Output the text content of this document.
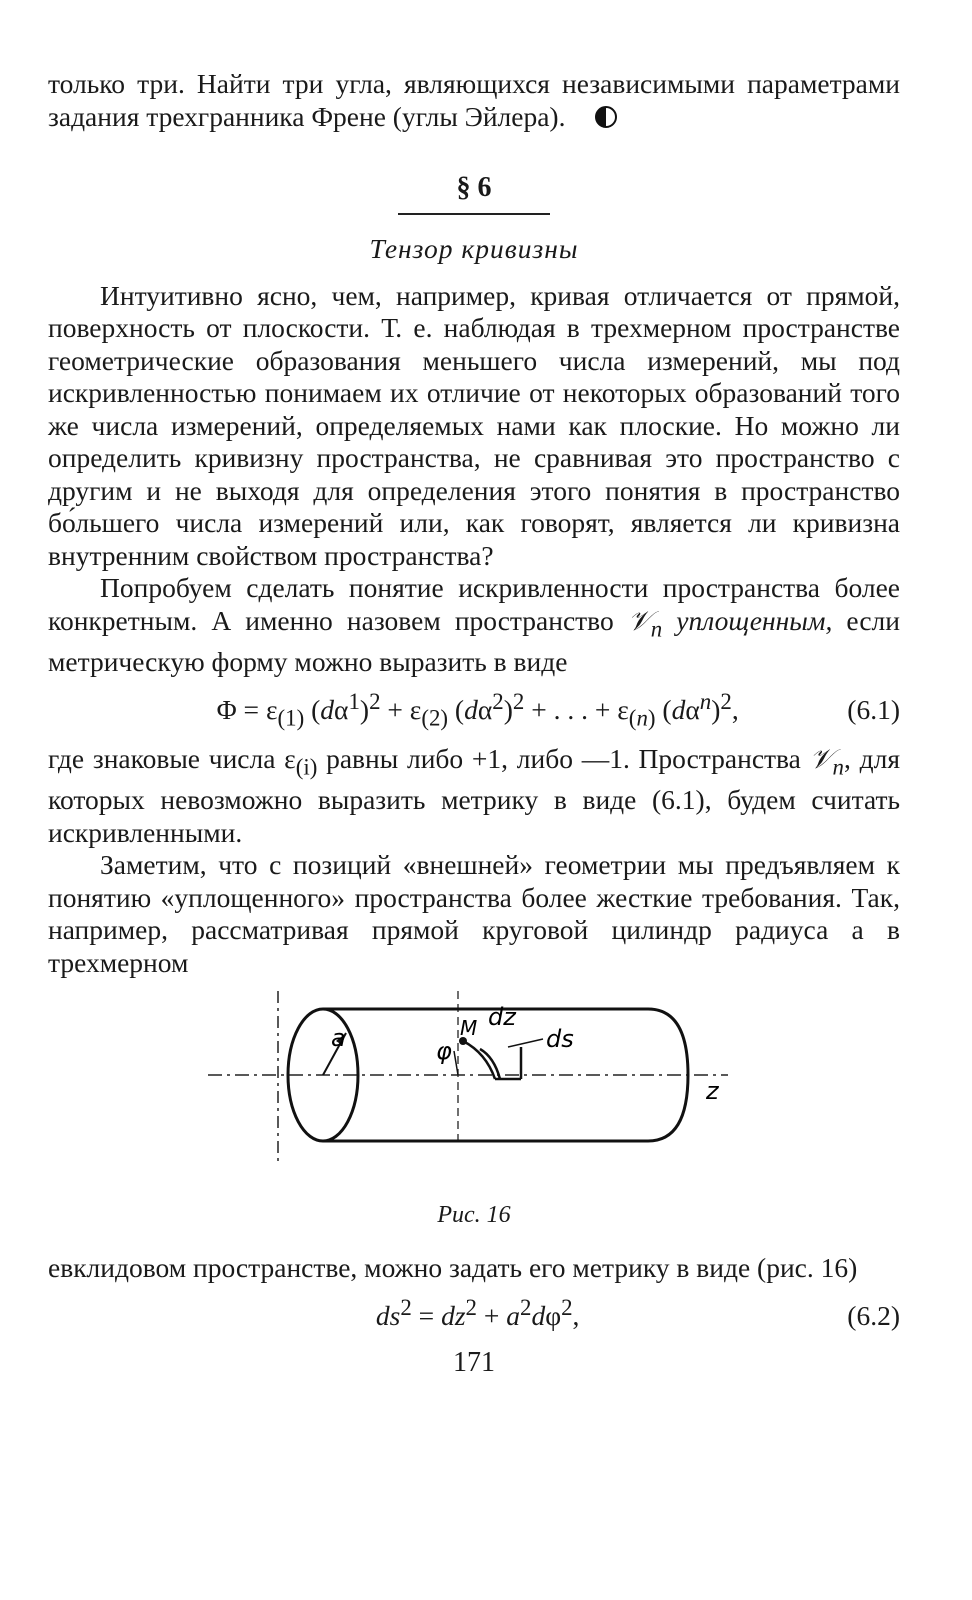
только три. Найти три угла, являющихся независимыми параметрами задания трехгранника Френе (углы Эйлера).

§ 6
Тензор кривизны

Интуитивно ясно, чем, например, кривая отличается от прямой, поверхность от плоскости. Т. е. наблюдая в трехмерном пространстве геометрические образования меньшего числа измерений, мы под искривленностью понимаем их отличие от некоторых образований того же числа измерений, определяемых нами как плоские. Но можно ли определить кривизну пространства, не сравнивая это пространство с другим и не выходя для определения этого понятия в пространство бо́льшего числа измерений или, как говорят, является ли кривизна внутренним свойством пространства?

Попробуем сделать понятие искривленности пространства более конкретным. А именно назовем пространство 𝒱$_n$ уплощенным, если метрическую форму можно выразить в виде

$\Phi = \varepsilon_{(1)}$ $(d\alpha^1)^2 + \varepsilon_{(2)}$ $(d\alpha^2)^2$ + . . . + $\varepsilon_{(n)}$ $(d\alpha^n)^2$,	(6.1)

где знаковые числа $\varepsilon_{(i)}$ равны либо +1, либо —1. Пространства 𝒱$_n$, для которых невозможно выразить метрику в виде (6.1), будем считать искривленными.

Заметим, что с позиций «внешней» геометрии мы предъявляем к понятию «уплощенного» пространства более жесткие требования. Так, например, рассматривая прямой круговой цилиндр радиуса a в трехмерном

a	φ
M dz
ds
z
Рис. 16

евклидовом пространстве, можно задать его метрику в виде (рис. 16)

$ds^2 = dz^2 + a^2d\varphi^2$,	(6.2)
171
